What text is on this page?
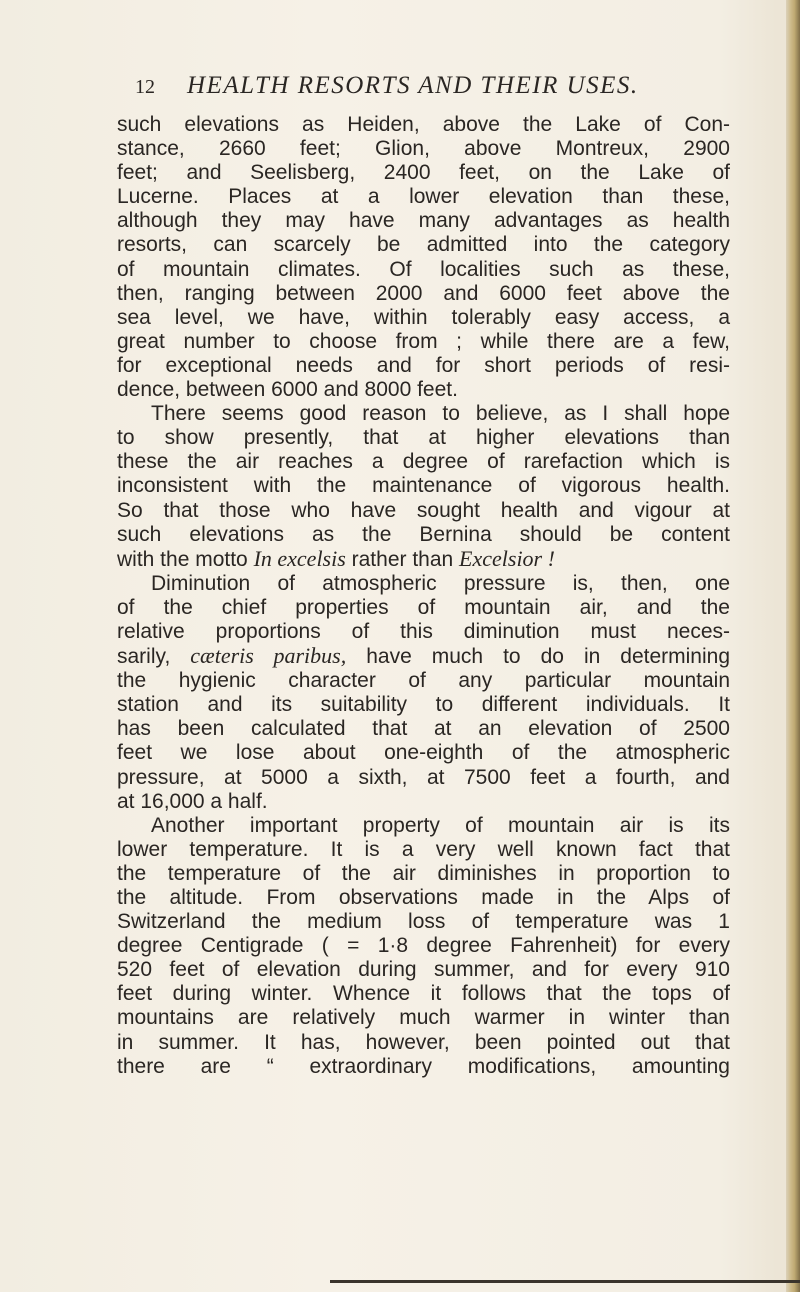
12 HEALTH RESORTS AND THEIR USES.
such elevations as Heiden, above the Lake of Con-
stance, 2660 feet; Glion, above Montreux, 2900
feet; and Seelisberg, 2400 feet, on the Lake of
Lucerne. Places at a lower elevation than these,
although they may have many advantages as health
resorts, can scarcely be admitted into the category
of mountain climates. Of localities such as these,
then, ranging between 2000 and 6000 feet above the
sea level, we have, within tolerably easy access, a
great number to choose from ; while there are a few,
for exceptional needs and for short periods of resi-
dence, between 6000 and 8000 feet.
There seems good reason to believe, as I shall hope
to show presently, that at higher elevations than
these the air reaches a degree of rarefaction which is
inconsistent with the maintenance of vigorous health.
So that those who have sought health and vigour at
such elevations as the Bernina should be content
with the motto In excelsis rather than Excelsior !
Diminution of atmospheric pressure is, then, one
of the chief properties of mountain air, and the
relative proportions of this diminution must neces-
sarily, cæteris paribus, have much to do in determining
the hygienic character of any particular mountain
station and its suitability to different individuals. It
has been calculated that at an elevation of 2500
feet we lose about one-eighth of the atmospheric
pressure, at 5000 a sixth, at 7500 feet a fourth, and
at 16,000 a half.
Another important property of mountain air is its
lower temperature. It is a very well known fact that
the temperature of the air diminishes in proportion to
the altitude. From observations made in the Alps of
Switzerland the medium loss of temperature was 1
degree Centigrade ( = 1·8 degree Fahrenheit) for every
520 feet of elevation during summer, and for every 910
feet during winter. Whence it follows that the tops of
mountains are relatively much warmer in winter than
in summer. It has, however, been pointed out that
there are “ extraordinary modifications, amounting
